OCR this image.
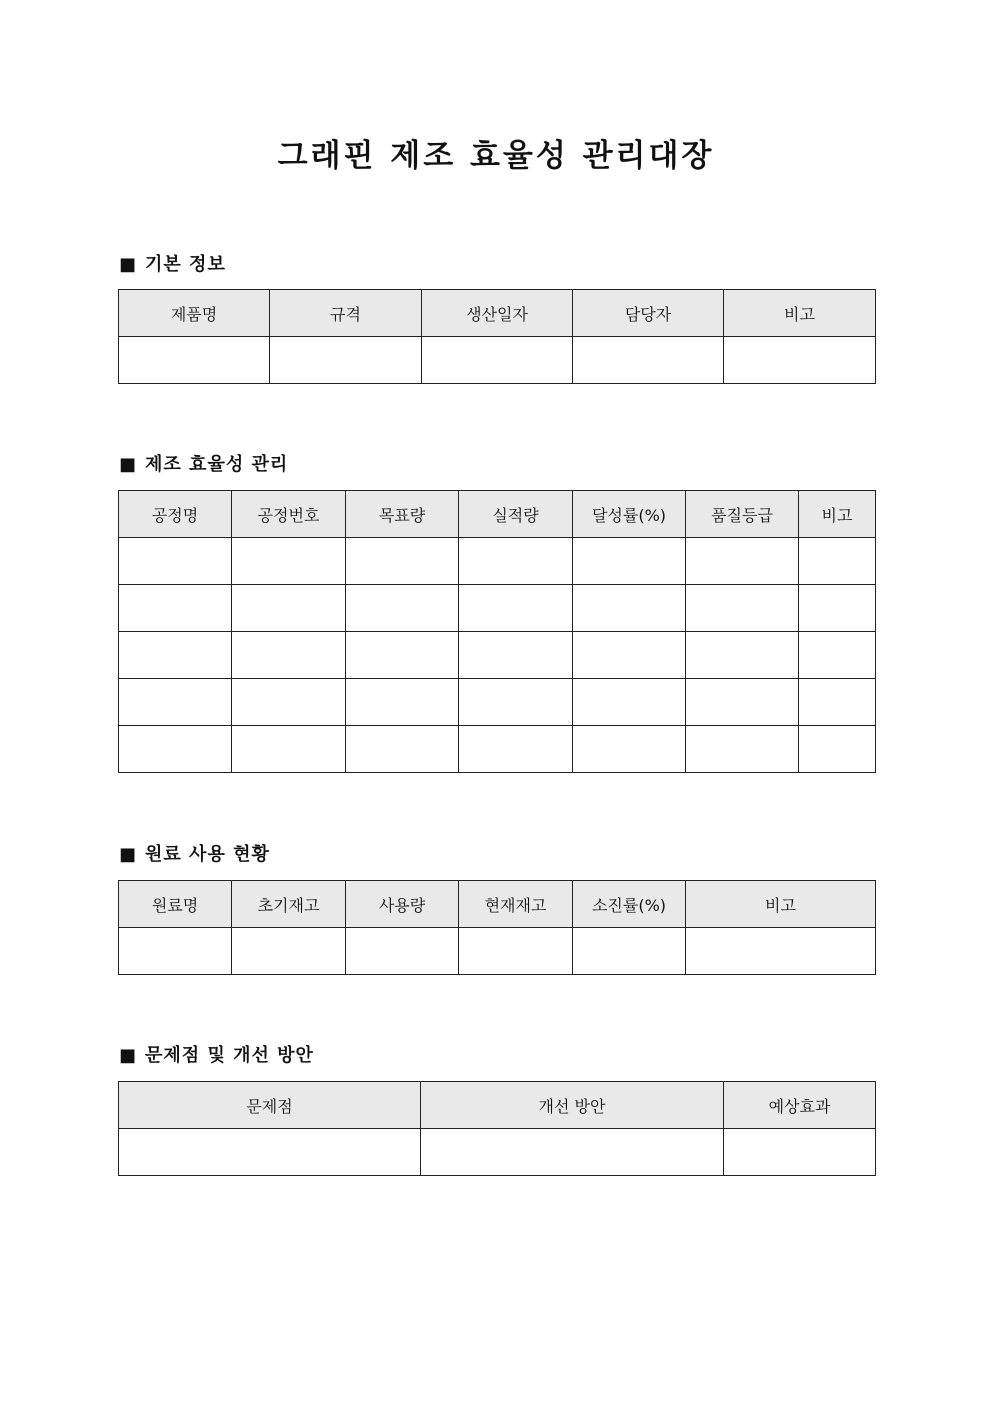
그래핀 제조 효율성 관리대장
■ 기본 정보
제품명	규격	생산일자	담당자	비고

■ 제조 효율성 관리
공정명	공정번호	목표량	실적량	달성률(%)	품질등급	비고

■ 원료 사용 현황
원료명	초기재고	사용량	현재재고	소진률(%)	비고

■ 문제점 및 개선 방안
문제점	개선 방안	예상효과
